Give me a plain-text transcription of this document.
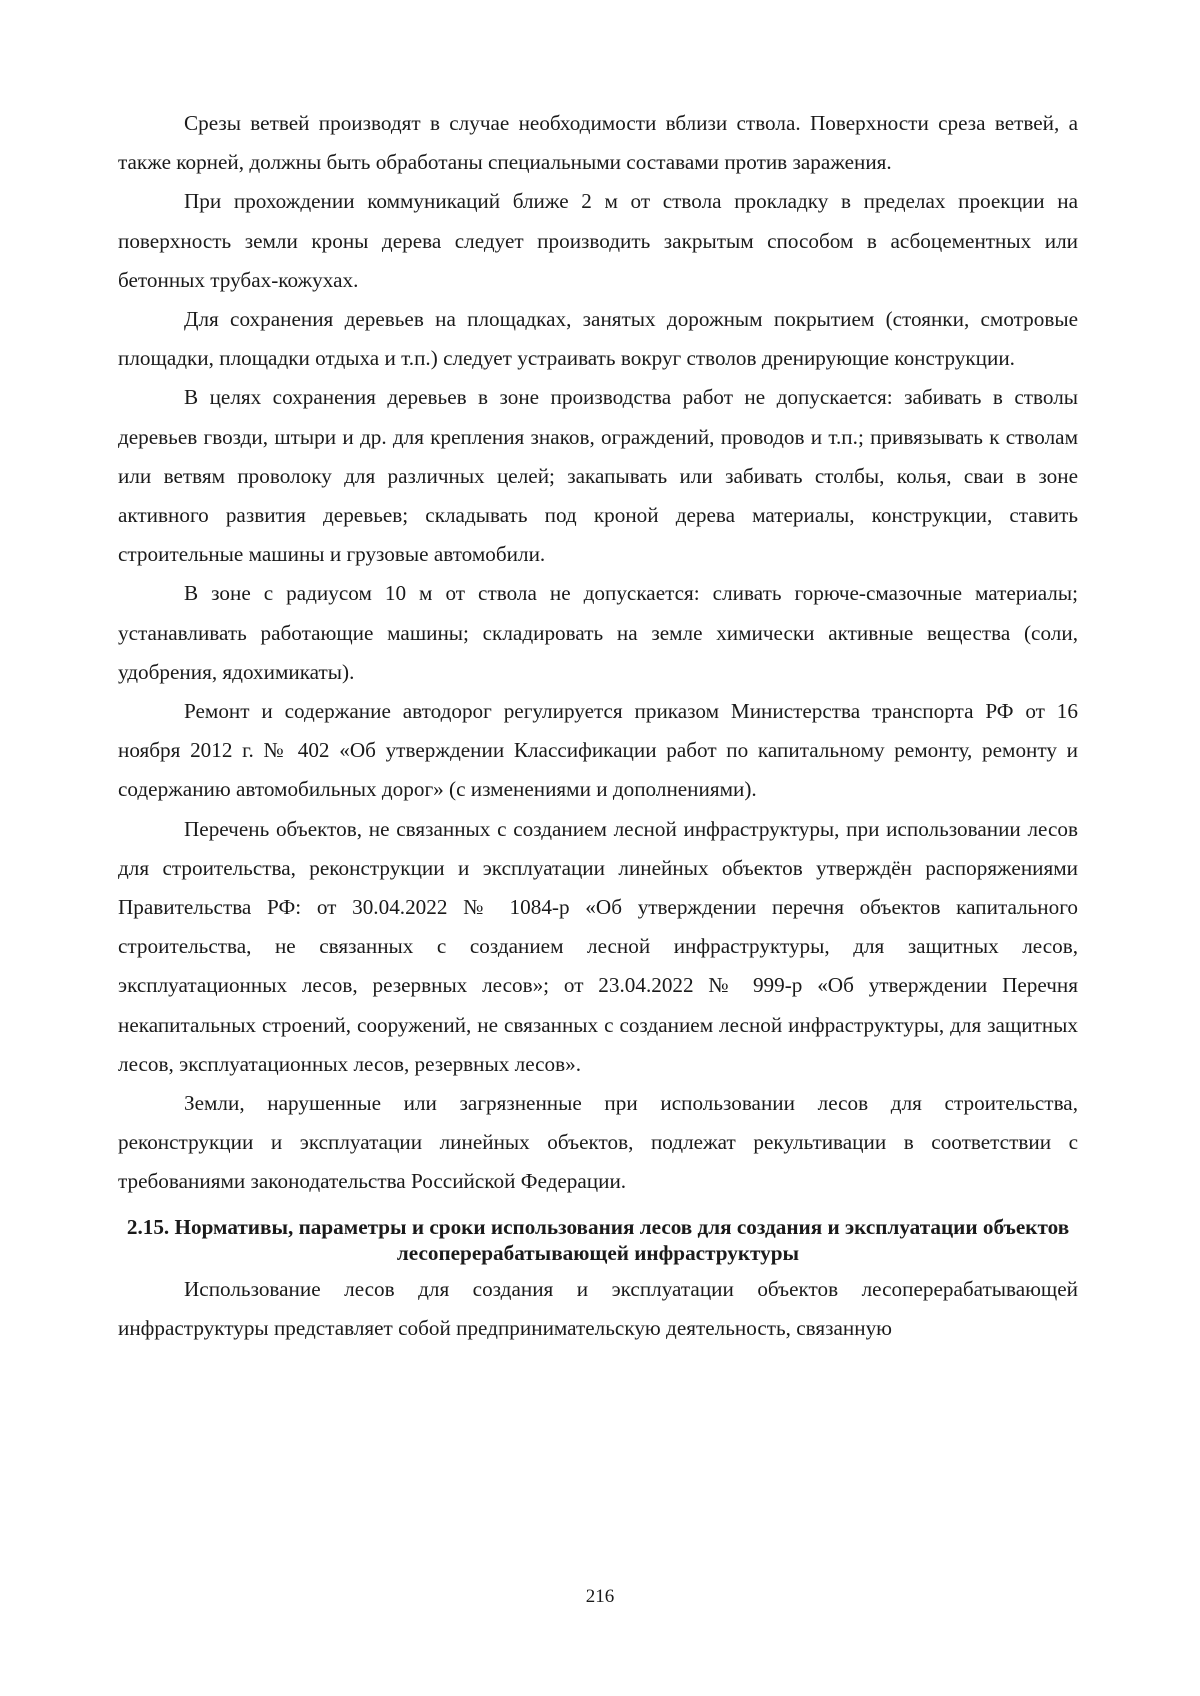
Срезы ветвей производят в случае необходимости вблизи ствола. Поверхности среза ветвей, а также корней, должны быть обработаны специальными составами против заражения.

При прохождении коммуникаций ближе 2 м от ствола прокладку в пределах проекции на поверхность земли кроны дерева следует производить закрытым способом в асбоцементных или бетонных трубах-кожухах.

Для сохранения деревьев на площадках, занятых дорожным покрытием (стоянки, смотровые площадки, площадки отдыха и т.п.) следует устраивать вокруг стволов дренирующие конструкции.

В целях сохранения деревьев в зоне производства работ не допускается: забивать в стволы деревьев гвозди, штыри и др. для крепления знаков, ограждений, проводов и т.п.; привязывать к стволам или ветвям проволоку для различных целей; закапывать или забивать столбы, колья, сваи в зоне активного развития деревьев; складывать под кроной дерева материалы, конструкции, ставить строительные машины и грузовые автомобили.

В зоне с радиусом 10 м от ствола не допускается: сливать горюче-смазочные материалы; устанавливать работающие машины; складировать на земле химически активные вещества (соли, удобрения, ядохимикаты).

Ремонт и содержание автодорог регулируется приказом Министерства транспорта РФ от 16 ноября 2012 г. № 402 «Об утверждении Классификации работ по капитальному ремонту, ремонту и содержанию автомобильных дорог» (с изменениями и дополнениями).

Перечень объектов, не связанных с созданием лесной инфраструктуры, при использовании лесов для строительства, реконструкции и эксплуатации линейных объектов утверждён распоряжениями Правительства РФ: от 30.04.2022 № 1084-р «Об утверждении перечня объектов капитального строительства, не связанных с созданием лесной инфраструктуры, для защитных лесов, эксплуатационных лесов, резервных лесов»; от 23.04.2022 № 999-р «Об утверждении Перечня некапитальных строений, сооружений, не связанных с созданием лесной инфраструктуры, для защитных лесов, эксплуатационных лесов, резервных лесов».

Земли, нарушенные или загрязненные при использовании лесов для строительства, реконструкции и эксплуатации линейных объектов, подлежат рекультивации в соответствии с требованиями законодательства Российской Федерации.

2.15. Нормативы, параметры и сроки использования лесов для создания и эксплуатации объектов лесоперерабатывающей инфраструктуры

Использование лесов для создания и эксплуатации объектов лесоперерабатывающей инфраструктуры представляет собой предпринимательскую деятельность, связанную

216
